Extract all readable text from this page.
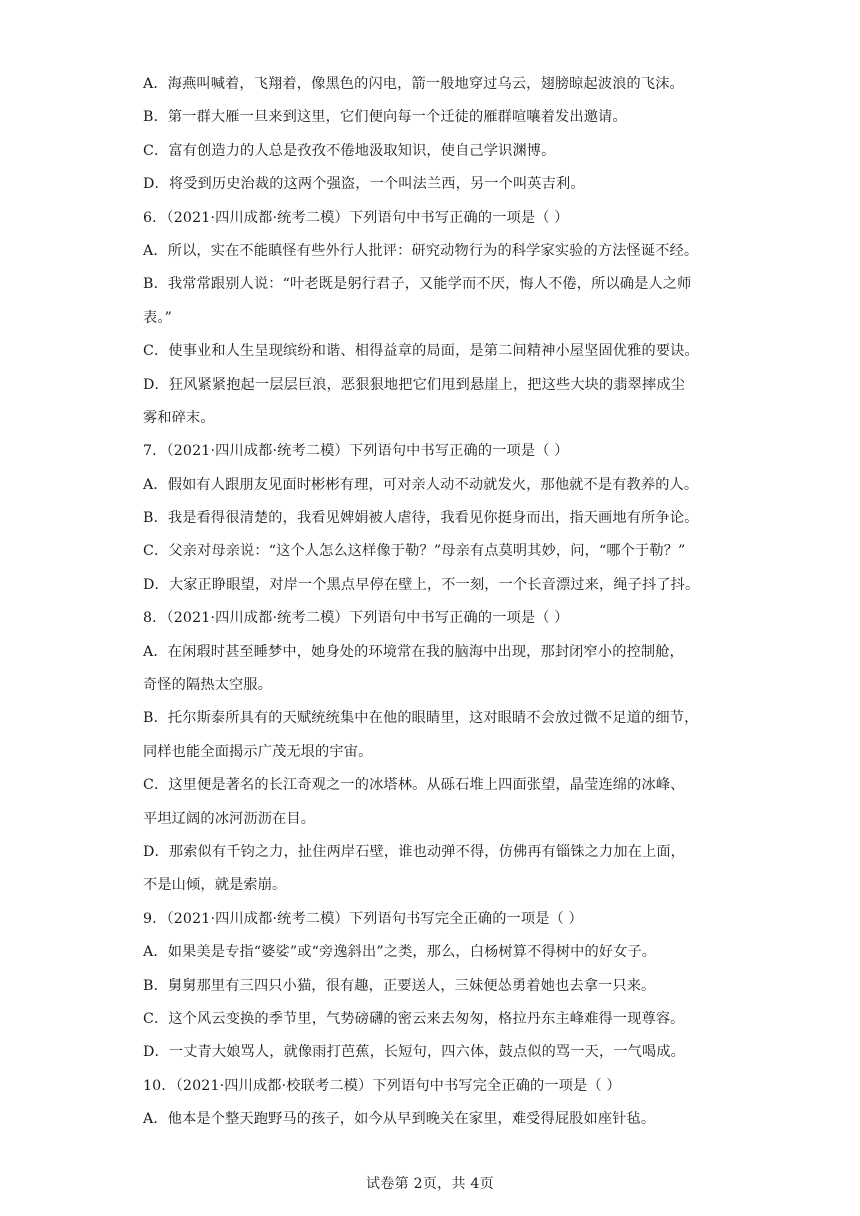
A．海燕叫喊着，飞翔着，像黑色的闪电，箭一般地穿过乌云，翅膀晾起波浪的飞沫。
B．第一群大雁一旦来到这里，它们便向每一个迁徒的雁群喧嚷着发出邀请。
C．富有创造力的人总是孜孜不倦地汲取知识，使自己学识渊博。
D．将受到历史治裁的这两个强盗，一个叫法兰西，另一个叫英吉利。
6．（2021·四川成都·统考二模）下列语句中书写正确的一项是（ ）
A．所以，实在不能瞋怪有些外行人批评：研究动物行为的科学家实验的方法怪诞不经。
B．我常常跟别人说：“叶老既是躬行君子，又能学而不厌，悔人不倦，所以确是人之师
表。”
C．使事业和人生呈现缤纷和谐、相得益章的局面，是第二间精神小屋坚固优雅的要诀。
D．狂风紧紧抱起一层层巨浪，恶狠狠地把它们甩到悬崖上，把这些大块的翡翠摔成尘
雾和碎末。
7．（2021·四川成都·统考二模）下列语句中书写正确的一项是（ ）
A．假如有人跟朋友见面时彬彬有理，可对亲人动不动就发火，那他就不是有教养的人。
B．我是看得很清楚的，我看见婢娟被人虐待，我看见你挺身而出，指天画地有所争论。
C．父亲对母亲说：“这个人怎么这样像于勒？”母亲有点莫明其妙，问，“哪个于勒？”
D．大家正睁眼望，对岸一个黑点早停在壁上，不一刻，一个长音漂过来，绳子抖了抖。
8．（2021·四川成都·统考二模）下列语句中书写正确的一项是（ ）
A．在闲瑕时甚至睡梦中，她身处的环境常在我的脑海中出现，那封闭窄小的控制舱，
奇怪的隔热太空服。
B．托尔斯泰所具有的天赋统统集中在他的眼睛里，这对眼睛不会放过微不足道的细节，
同样也能全面揭示广茂无垠的宇宙。
C．这里便是著名的长江奇观之一的冰塔林。从砾石堆上四面张望，晶莹连绵的冰峰、
平坦辽阔的冰河沥沥在目。
D．那索似有千钧之力，扯住两岸石壁，谁也动弹不得，仿佛再有锱铢之力加在上面，
不是山倾，就是索崩。
9．（2021·四川成都·统考二模）下列语句书写完全正确的一项是（ ）
A．如果美是专指“婆娑”或“旁逸斜出”之类，那么，白杨树算不得树中的好女子。
B．舅舅那里有三四只小猫，很有趣，正要送人，三妹便怂勇着她也去拿一只来。
C．这个风云变换的季节里，气势磅礴的密云来去匆匆，格拉丹东主峰难得一现尊容。
D．一丈青大娘骂人，就像雨打芭蕉，长短句，四六体，鼓点似的骂一天，一气喝成。
10．（2021·四川成都·校联考二模）下列语句中书写完全正确的一项是（ ）
A．他本是个整天跑野马的孩子，如今从早到晚关在家里，难受得屁股如座针毡。
试卷第 2页，共 4页
